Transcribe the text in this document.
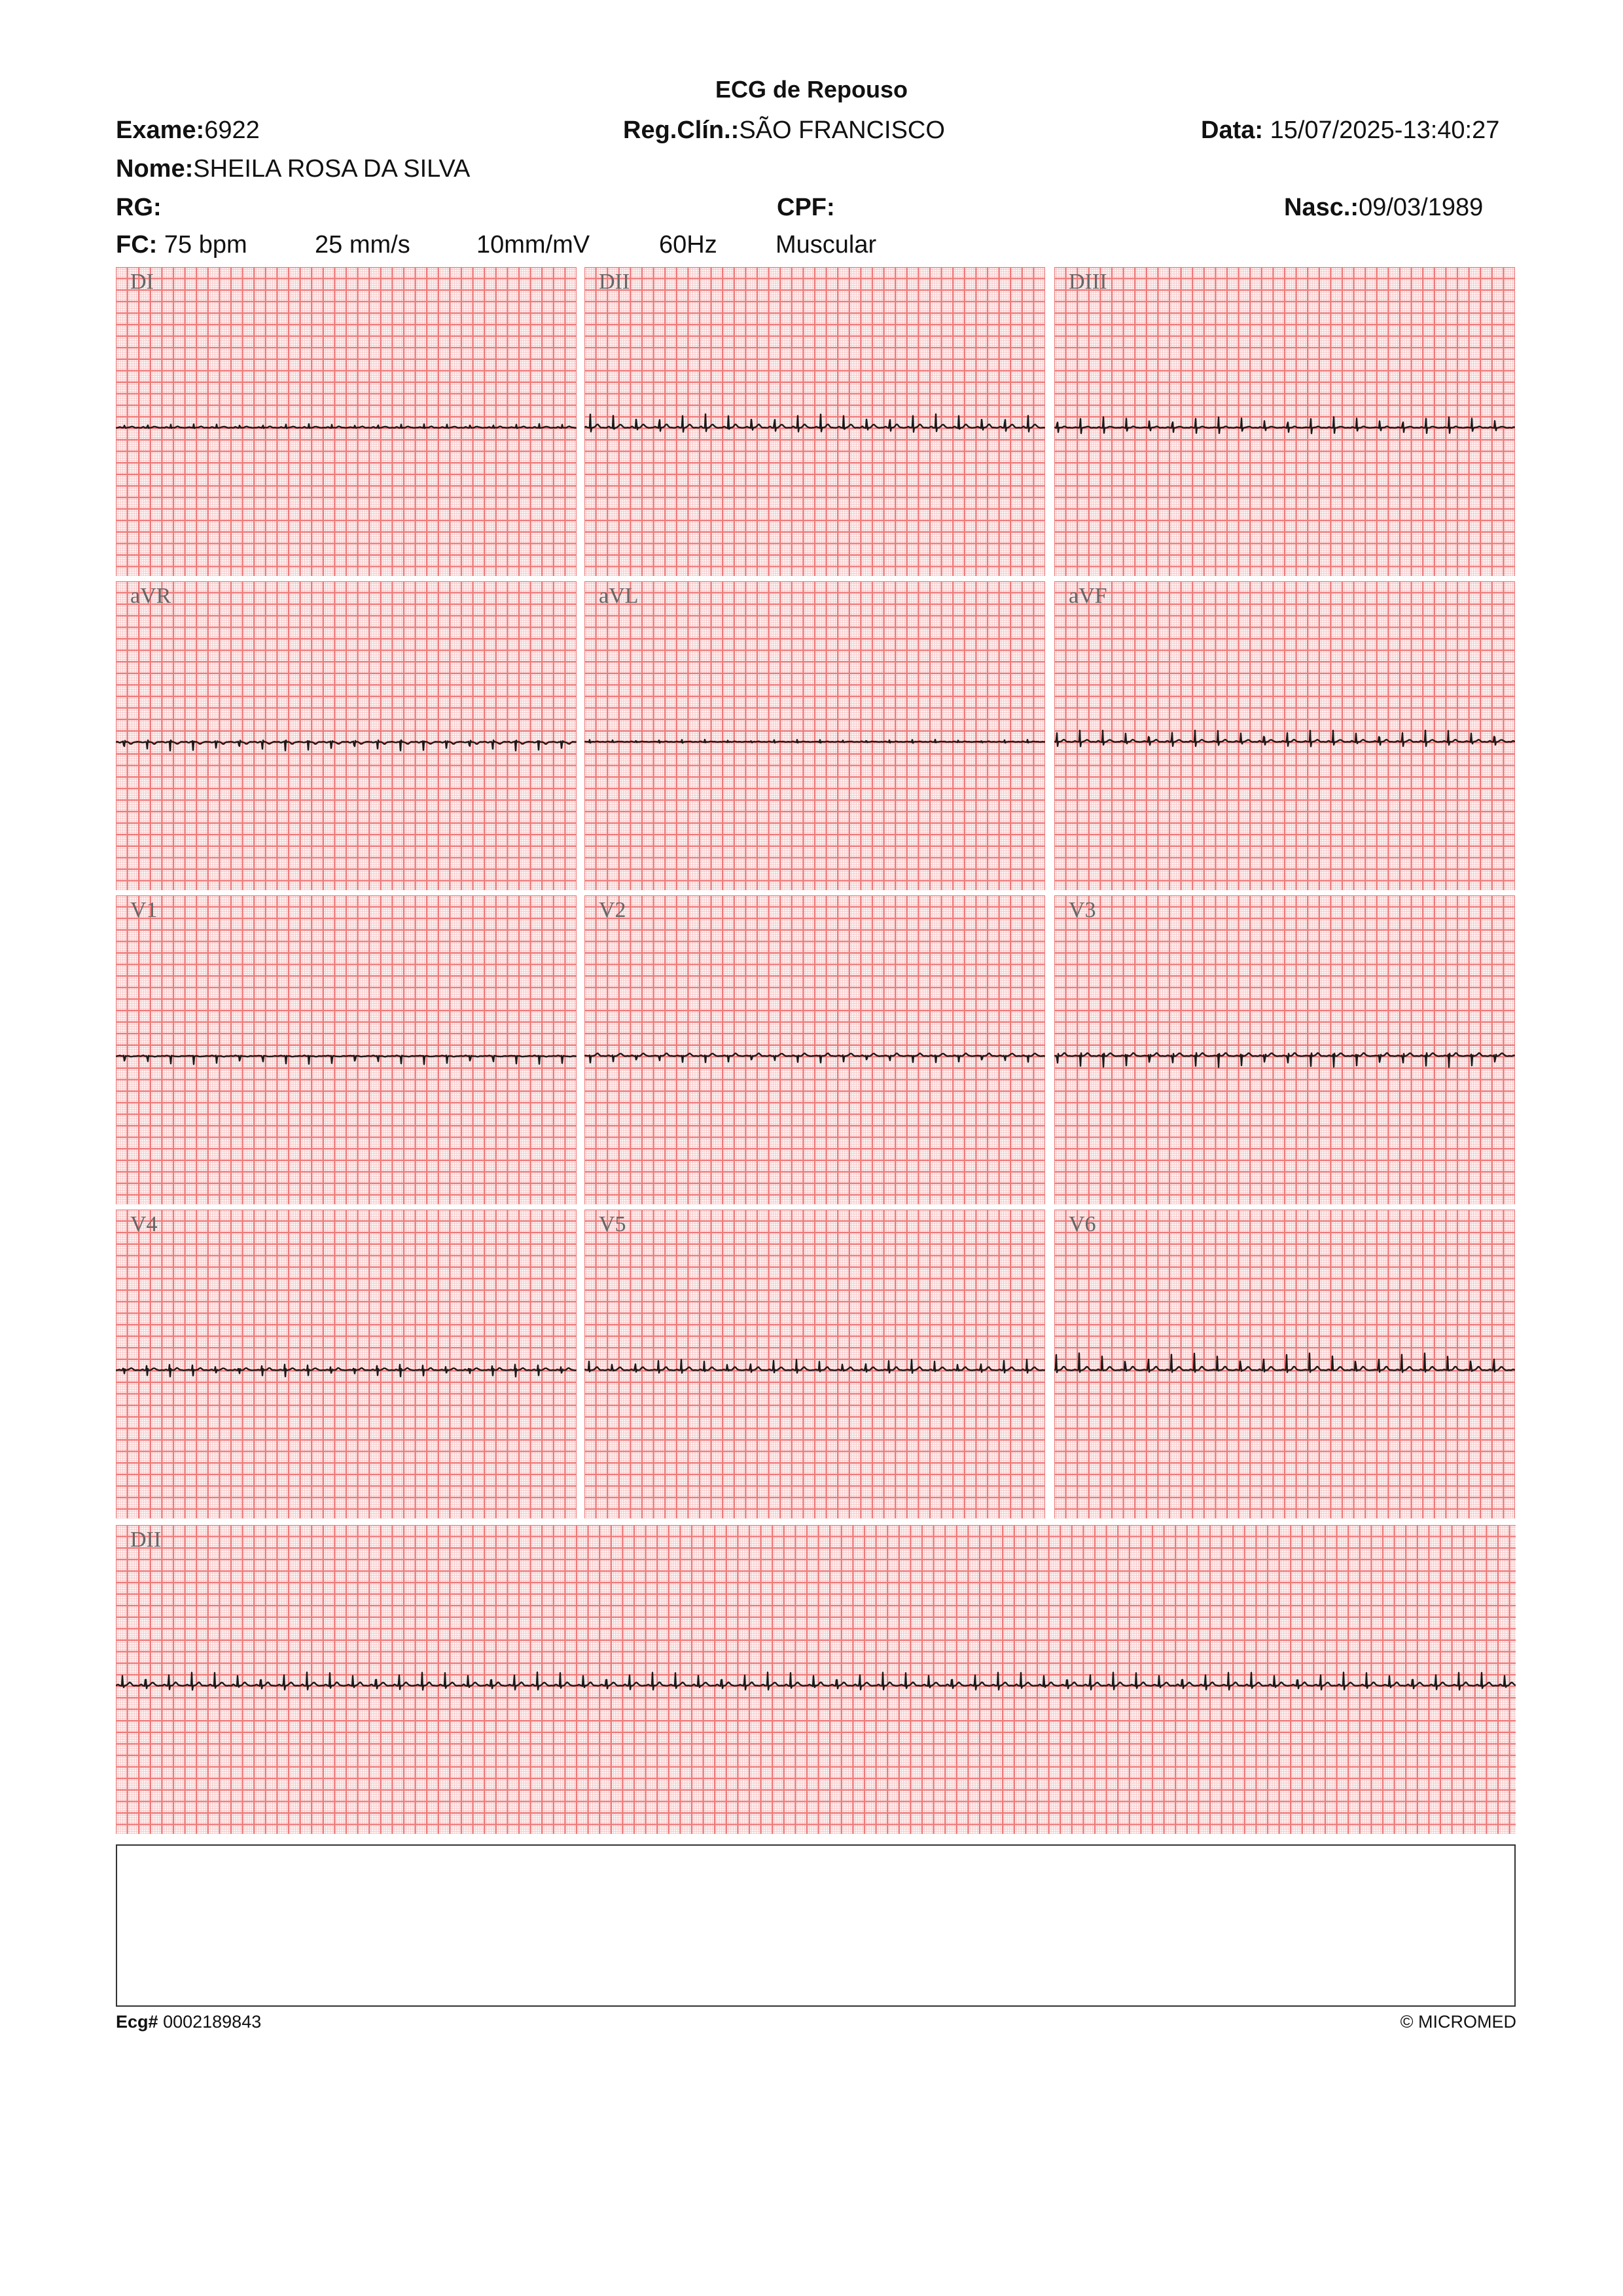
ECG de Repouso
Exame:6922	Reg.Clín.:SÃO FRANCISCO	Data: 15/07/2025-13:40:27
Nome:SHEILA ROSA DA SILVA
RG:	CPF:	Nasc.:09/03/1989
FC: 75 bpm	25 mm/s	10mm/mV	60Hz Muscular
DI	DII	DIII
aVR	aVL	aVF
V1	V2	V3
V4	V5	V6
DII
Ecg# 0002189843	© MICROMED
